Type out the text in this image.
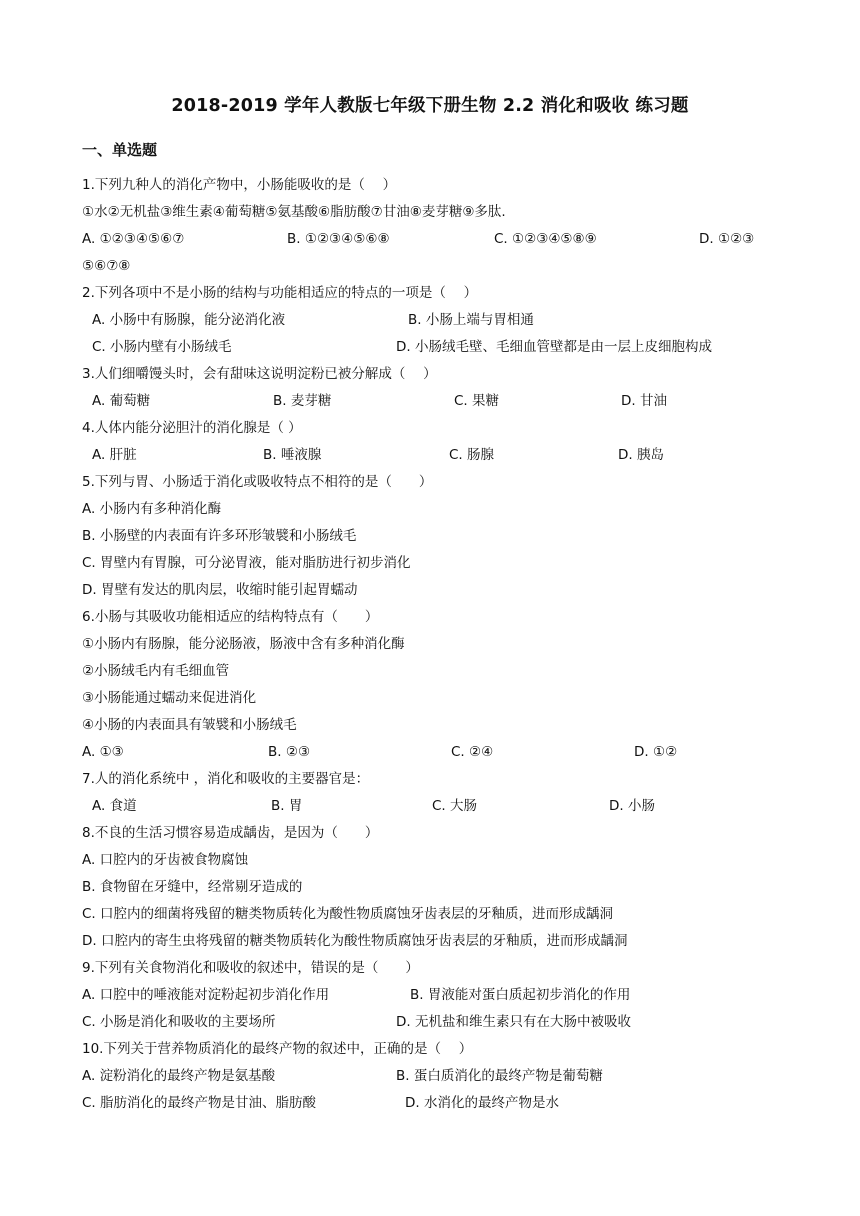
2018-2019 学年人教版七年级下册生物 2.2 消化和吸收 练习题
一、单选题
1.下列九种人的消化产物中，小肠能吸收的是（　 ）
①水②无机盐③维生素④葡萄糖⑤氨基酸⑥脂肪酸⑦甘油⑧麦芽糖⑨多肽.
A. ①②③④⑤⑥⑦	B. ①②③④⑤⑥⑧	C. ①②③④⑤⑧⑨	D. ①②③
⑤⑥⑦⑧
2.下列各项中不是小肠的结构与功能相适应的特点的一项是（　 ）
A. 小肠中有肠腺，能分泌消化液	B. 小肠上端与胃相通
C. 小肠内壁有小肠绒毛	D. 小肠绒毛壁、毛细血管壁都是由一层上皮细胞构成
3.人们细嚼馒头时，会有甜味这说明淀粉已被分解成（　 ）
A. 葡萄糖	B. 麦芽糖	C. 果糖	D. 甘油
4.人体内能分泌胆汁的消化腺是（ ）
A. 肝脏	B. 唾液腺	C. 肠腺	D. 胰岛
5.下列与胃、小肠适于消化或吸收特点不相符的是（　　）
A. 小肠内有多种消化酶
B. 小肠壁的内表面有许多环形皱襞和小肠绒毛
C. 胃壁内有胃腺，可分泌胃液，能对脂肪进行初步消化
D. 胃壁有发达的肌肉层，收缩时能引起胃蠕动
6.小肠与其吸收功能相适应的结构特点有（　　）
①小肠内有肠腺，能分泌肠液，肠液中含有多种消化酶
②小肠绒毛内有毛细血管
③小肠能通过蠕动来促进消化
④小肠的内表面具有皱襞和小肠绒毛
A. ①③	B. ②③	C. ②④	D. ①②
7.人的消化系统中 ，消化和吸收的主要器官是：
A. 食道	B. 胃	C. 大肠	D. 小肠
8.不良的生活习惯容易造成龋齿，是因为（　　）
A. 口腔内的牙齿被食物腐蚀
B. 食物留在牙缝中，经常剔牙造成的
C. 口腔内的细菌将残留的糖类物质转化为酸性物质腐蚀牙齿表层的牙釉质，进而形成龋洞
D. 口腔内的寄生虫将残留的糖类物质转化为酸性物质腐蚀牙齿表层的牙釉质，进而形成龋洞
9.下列有关食物消化和吸收的叙述中，错误的是（　　）
A. 口腔中的唾液能对淀粉起初步消化作用	B. 胃液能对蛋白质起初步消化的作用
C. 小肠是消化和吸收的主要场所	D. 无机盐和维生素只有在大肠中被吸收
10.下列关于营养物质消化的最终产物的叙述中，正确的是（　 ）
A. 淀粉消化的最终产物是氨基酸	B. 蛋白质消化的最终产物是葡萄糖
C. 脂肪消化的最终产物是甘油、脂肪酸	D. 水消化的最终产物是水
